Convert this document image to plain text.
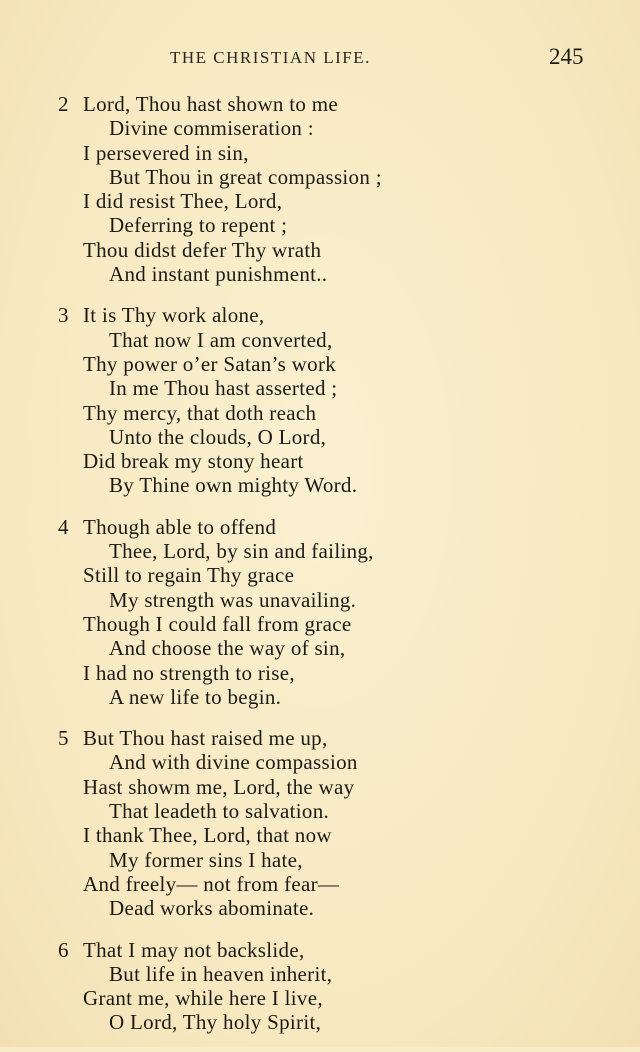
THE CHRISTIAN LIFE.	245
2 Lord, Thou hast shown to me
Divine commiseration :
I persevered in sin,
But Thou in great compassion ;
I did resist Thee, Lord,
Deferring to repent ;
Thou didst defer Thy wrath
And instant punishment..
3 It is Thy work alone,
That now I am converted,
Thy power o’er Satan’s work
In me Thou hast asserted ;
Thy mercy, that doth reach
Unto the clouds, O Lord,
Did break my stony heart
By Thine own mighty Word.
4 Though able to offend
Thee, Lord, by sin and failing,
Still to regain Thy grace
My strength was unavailing.
Though I could fall from grace
And choose the way of sin,
I had no strength to rise,
A new life to begin.
5 But Thou hast raised me up,
And with divine compassion
Hast showm me, Lord, the way
That leadeth to salvation.
I thank Thee, Lord, that now
My former sins I hate,
And freely— not from fear—
Dead works abominate.
6 That I may not backslide,
But life in heaven inherit,
Grant me, while here I live,
O Lord, Thy holy Spirit,
